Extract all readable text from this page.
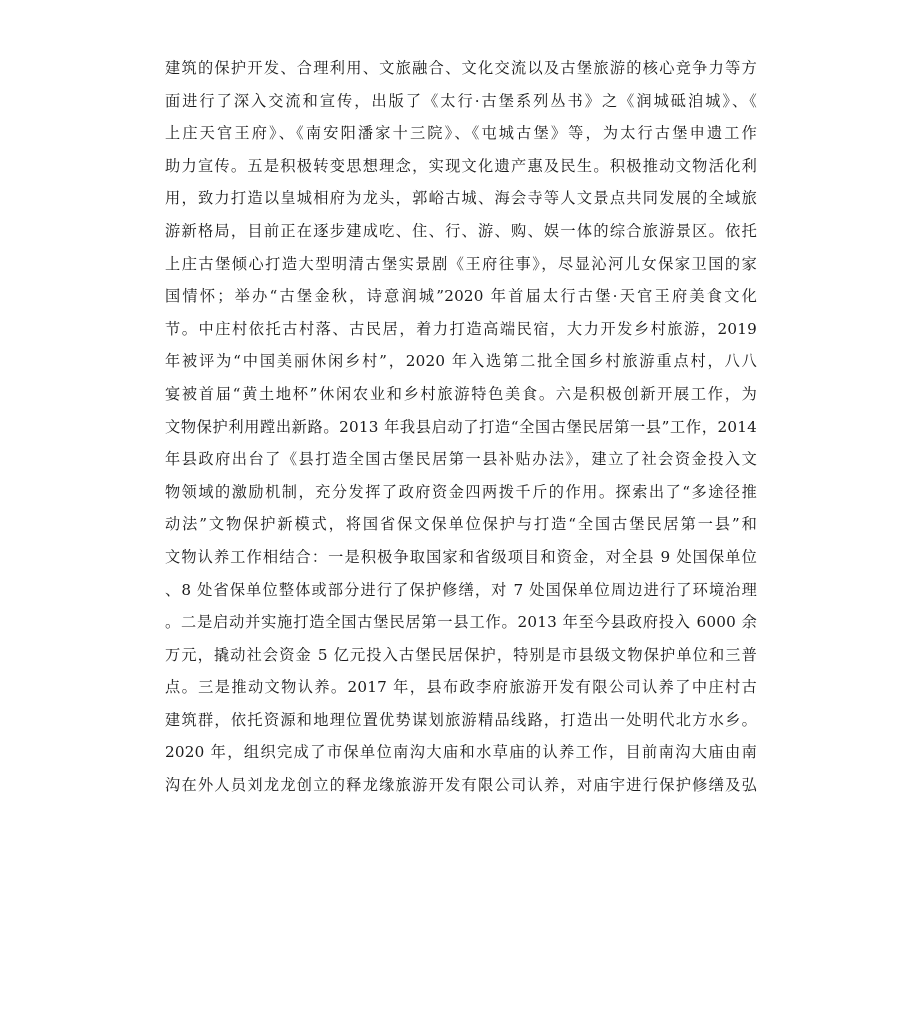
建筑的保护开发、合理利用、文旅融合、文化交流以及古堡旅游的核心竞争力等方
面进行了深入交流和宣传，出版了《太行·古堡系列丛书》之《润城砥洎城》、《
上庄天官王府》、《南安阳潘家十三院》、《屯城古堡》等，为太行古堡申遗工作
助力宣传。五是积极转变思想理念，实现文化遗产惠及民生。积极推动文物活化利
用，致力打造以皇城相府为龙头，郭峪古城、海会寺等人文景点共同发展的全域旅
游新格局，目前正在逐步建成吃、住、行、游、购、娱一体的综合旅游景区。依托
上庄古堡倾心打造大型明清古堡实景剧《王府往事》，尽显沁河儿女保家卫国的家
国情怀；举办“古堡金秋，诗意润城”2020 年首届太行古堡·天官王府美食文化
节。中庄村依托古村落、古民居，着力打造高端民宿，大力开发乡村旅游，2019
年被评为“中国美丽休闲乡村”，2020 年入选第二批全国乡村旅游重点村，八八
宴被首届“黄土地杯”休闲农业和乡村旅游特色美食。六是积极创新开展工作，为
文物保护利用蹚出新路。2013 年我县启动了打造“全国古堡民居第一县”工作，2014
年县政府出台了《县打造全国古堡民居第一县补贴办法》，建立了社会资金投入文
物领域的激励机制，充分发挥了政府资金四两拨千斤的作用。探索出了“多途径推
动法”文物保护新模式，将国省保文保单位保护与打造“全国古堡民居第一县”和
文物认养工作相结合：一是积极争取国家和省级项目和资金，对全县 9 处国保单位
、8 处省保单位整体或部分进行了保护修缮，对 7 处国保单位周边进行了环境治理
。二是启动并实施打造全国古堡民居第一县工作。2013 年至今县政府投入 6000 余
万元，撬动社会资金 5 亿元投入古堡民居保护，特别是市县级文物保护单位和三普
点。三是推动文物认养。2017 年，县布政李府旅游开发有限公司认养了中庄村古
建筑群，依托资源和地理位置优势谋划旅游精品线路，打造出一处明代北方水乡。
2020 年，组织完成了市保单位南沟大庙和水草庙的认养工作，目前南沟大庙由南
沟在外人员刘龙龙创立的释龙缘旅游开发有限公司认养，对庙宇进行保护修缮及弘
